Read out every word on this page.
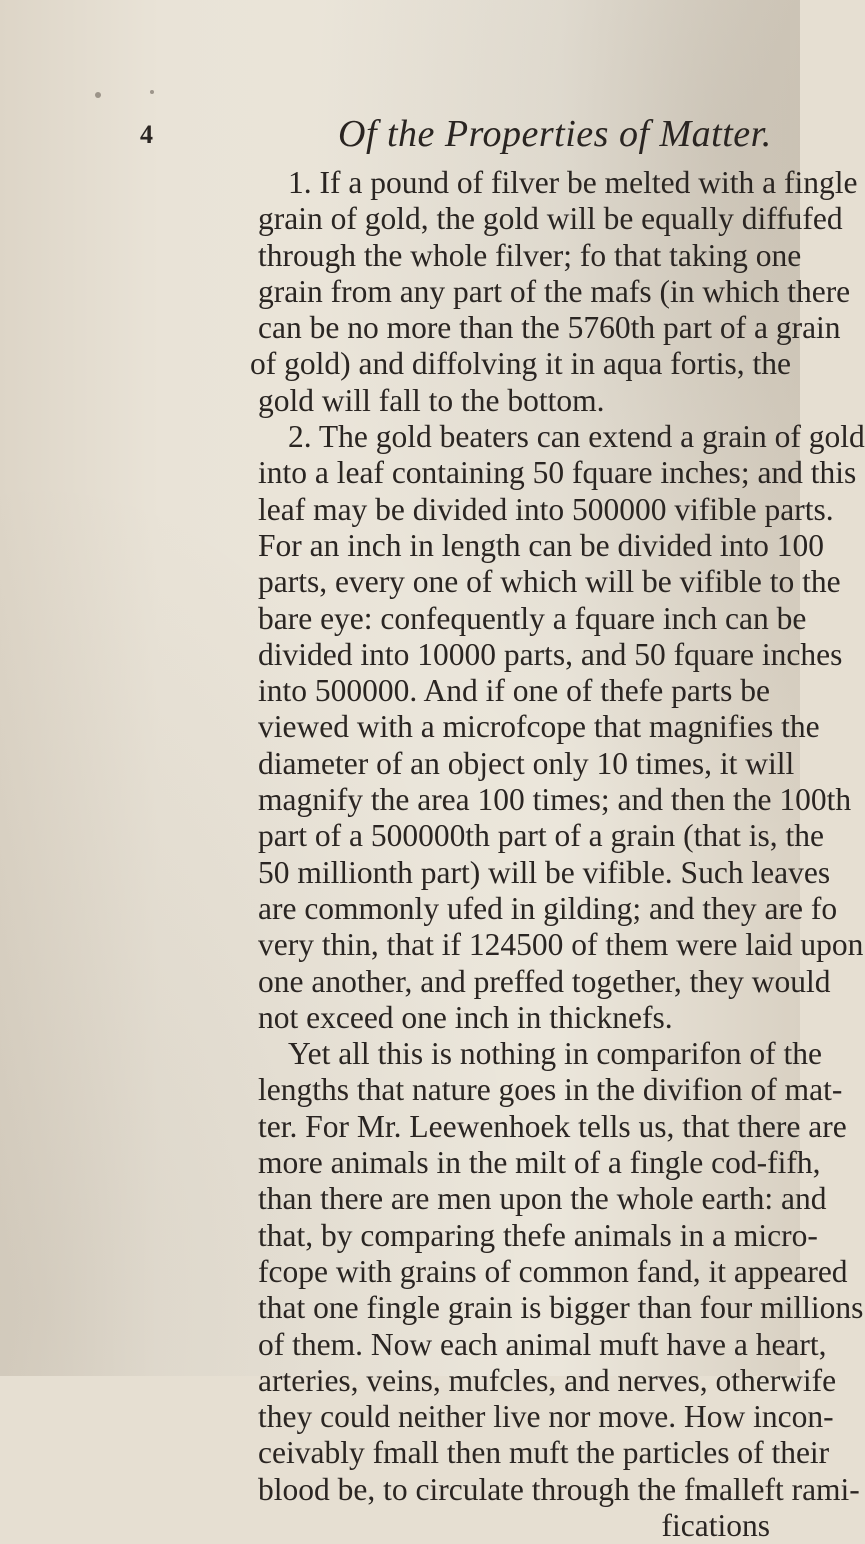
4	Of the Properties of Matter.
1. If a pound of filver be melted with a fingle
grain of gold, the gold will be equally diffufed
through the whole filver; fo that taking one
grain from any part of the mafs (in which there
can be no more than the 5760th part of a grain
of gold) and diffolving it in aqua fortis, the
gold will fall to the bottom.
2. The gold beaters can extend a grain of gold
into a leaf containing 50 fquare inches; and this
leaf may be divided into 500000 vifible parts.
For an inch in length can be divided into 100
parts, every one of which will be vifible to the
bare eye: confequently a fquare inch can be
divided into 10000 parts, and 50 fquare inches
into 500000. And if one of thefe parts be
viewed with a microfcope that magnifies the
diameter of an object only 10 times, it will
magnify the area 100 times; and then the 100th
part of a 500000th part of a grain (that is, the
50 millionth part) will be vifible. Such leaves
are commonly ufed in gilding; and they are fo
very thin, that if 124500 of them were laid upon
one another, and preffed together, they would
not exceed one inch in thicknefs.
Yet all this is nothing in comparifon of the
lengths that nature goes in the divifion of mat-
ter. For Mr. Leewenhoek tells us, that there are
more animals in the milt of a fingle cod-fifh,
than there are men upon the whole earth: and
that, by comparing thefe animals in a micro-
fcope with grains of common fand, it appeared
that one fingle grain is bigger than four millions
of them. Now each animal muft have a heart,
arteries, veins, mufcles, and nerves, otherwife
they could neither live nor move. How incon-
ceivably fmall then muft the particles of their
blood be, to circulate through the fmalleft rami-
fications
